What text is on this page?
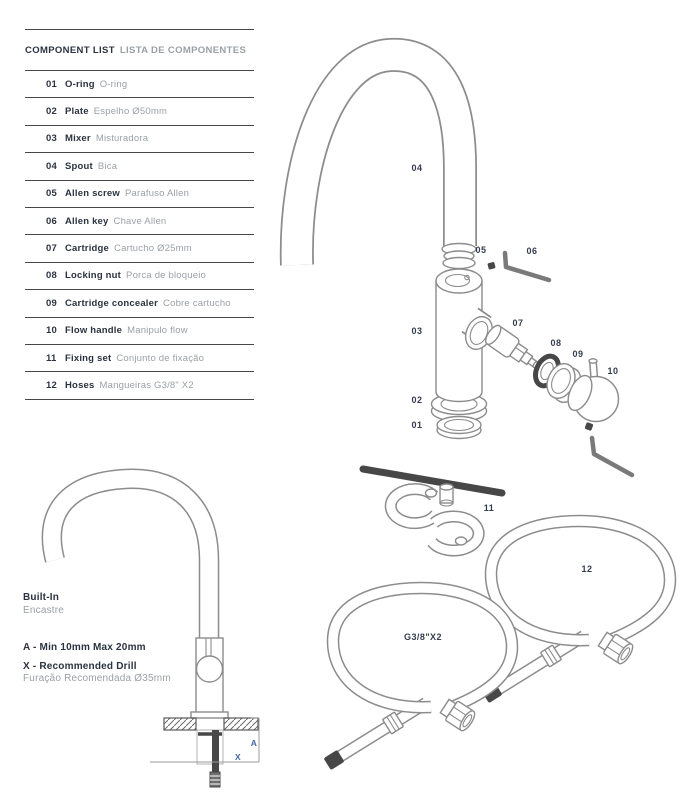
COMPONENT LIST LISTA DE COMPONENTES
01 O-ring O-ring
02 Plate Espelho Ø50mm
03 Mixer Misturadora
04 Spout Bica
05 Allen screw Parafuso Allen
06 Allen key Chave Allen
07 Cartridge Cartucho Ø25mm
08 Locking nut Porca de bloqueio
09 Cartridge concealer Cobre cartucho
10 Flow handle Manipulo flow
11 Fixing set Conjunto de fixação
12 Hoses Mangueiras G3/8" X2
Built-In
Encastre
A - Min 10mm Max 20mm
X - Recommended Drill
Furação Recomendada Ø35mm
04
05	06
03
07
08
09
10
02
01
11
12
G3/8"X2
A
X
